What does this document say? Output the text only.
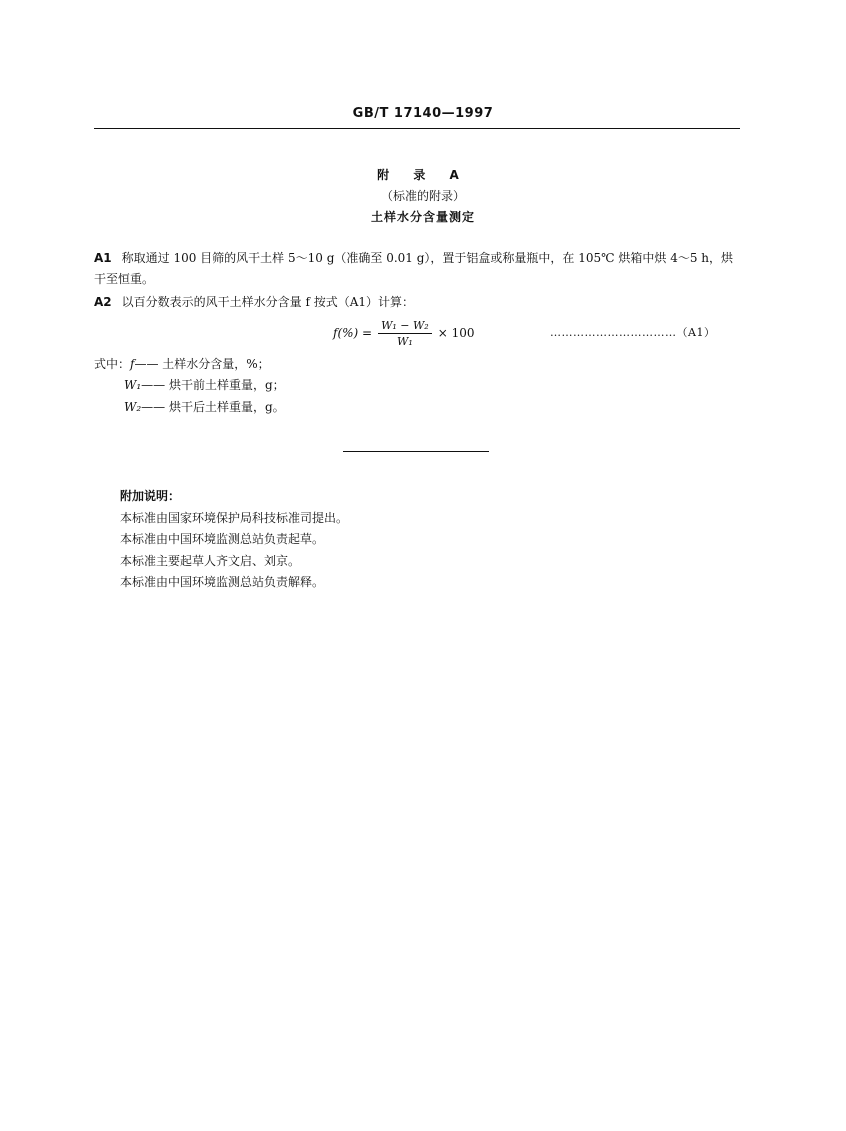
GB/T 17140—1997
附 录 A
（标准的附录）
土样水分含量测定
A1 称取通过 100 目筛的风干土样 5～10 g（准确至 0.01 g），置于铝盒或称量瓶中，在 105℃ 烘箱中烘 4～5 h，烘干至恒重。
A2 以百分数表示的风干土样水分含量 f 按式（A1）计算：
$f(\%) = \frac{\text{W₁ − W₂}}{\text{W₁}} \times 100$	……………………………（A1）
式中：f—— 土样水分含量，%；
W₁—— 烘干前土样重量，g；
W₂—— 烘干后土样重量，g。
附加说明：
本标准由国家环境保护局科技标准司提出。
本标准由中国环境监测总站负责起草。
本标准主要起草人齐文启、刘京。
本标准由中国环境监测总站负责解释。
